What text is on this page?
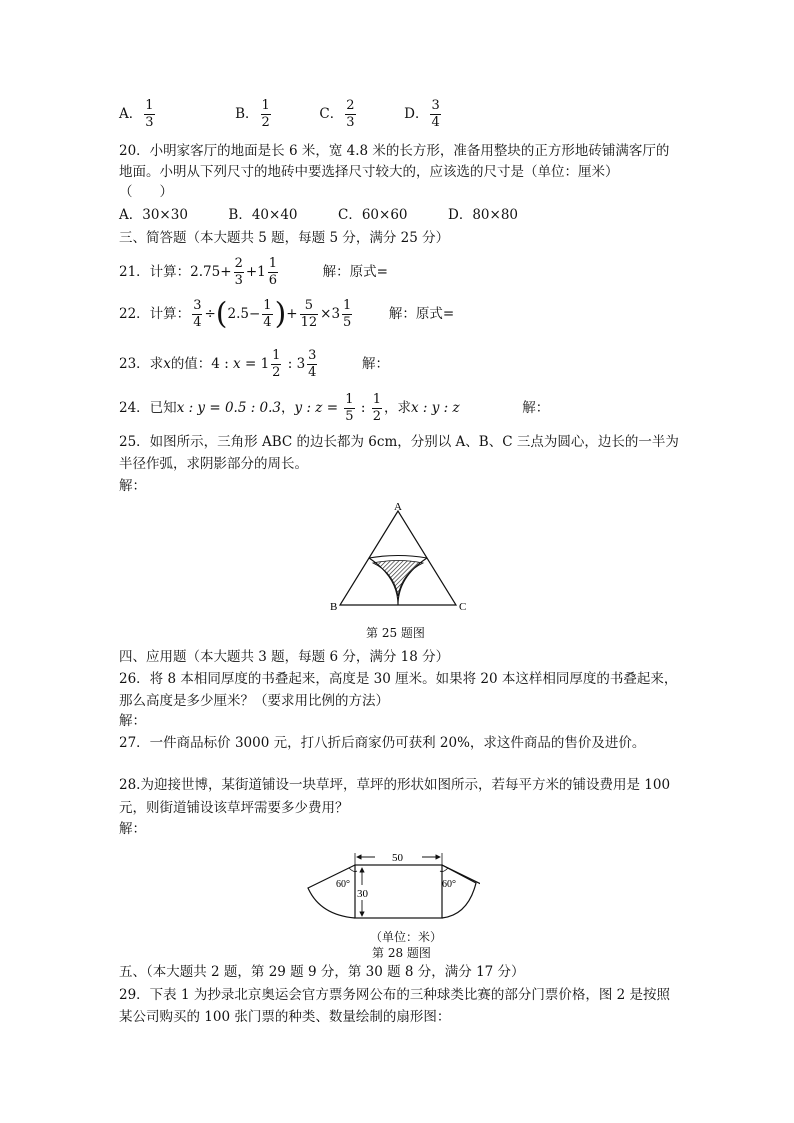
A． $\frac{1}{3}$	B． $\frac{1}{2}$	C． $\frac{2}{3}$	D． $\frac{3}{4}$
20．小明家客厅的地面是长 6 米，宽 4.8 米的长方形，准备用整块的正方形地砖铺满客厅的
地面。小明从下列尺寸的地砖中要选择尺寸较大的，应该选的尺寸是（单位：厘米）
（　　）
A．30×30　　　B．40×40　　　C．60×60　　　D．80×80
三、简答题（本大题共 5 题，每题 5 分，满分 25 分）
21．计算：$2.75+ \frac{2}{3} +1 \frac{1}{6}$	解：原式=
22．计算： $\frac{3}{4} \div(2.5- \frac{1}{4}$ )+ $\frac{5}{12} \times 3 \frac{1}{5}$	解：原式=
23．求x的值：4 : $x = 1 \frac{1}{2}$ : $3 \frac{3}{4}$	解：
24．已知x : y = 0.5 : 0.3，y : $z = \frac{1}{5}$ : $\frac{1}{2}$ ，求x : y : z	解：
25．如图所示，三角形 ABC 的边长都为 6cm，分别以 A、B、C 三点为圆心，边长的一半为
半径作弧，求阴影部分的周长。
解：
A
B	C
第 25 题图
四、应用题（本大题共 3 题，每题 6 分，满分 18 分）
26．将 8 本相同厚度的书叠起来，高度是 30 厘米。如果将 20 本这样相同厚度的书叠起来，
那么高度是多少厘米？（要求用比例的方法）
解：
27．一件商品标价 3000 元，打八折后商家仍可获利 20%，求这件商品的售价及进价。
28.为迎接世博，某街道铺设一块草坪，草坪的形状如图所示，若每平方米的铺设费用是 100
元，则街道铺设该草坪需要多少费用？
解：
50
30
60°	60°
（单位：米）
第 28 题图
五、（本大题共 2 题，第 29 题 9 分，第 30 题 8 分，满分 17 分）
29．下表 1 为抄录北京奥运会官方票务网公布的三种球类比赛的部分门票价格，图 2 是按照
某公司购买的 100 张门票的种类、数量绘制的扇形图：
